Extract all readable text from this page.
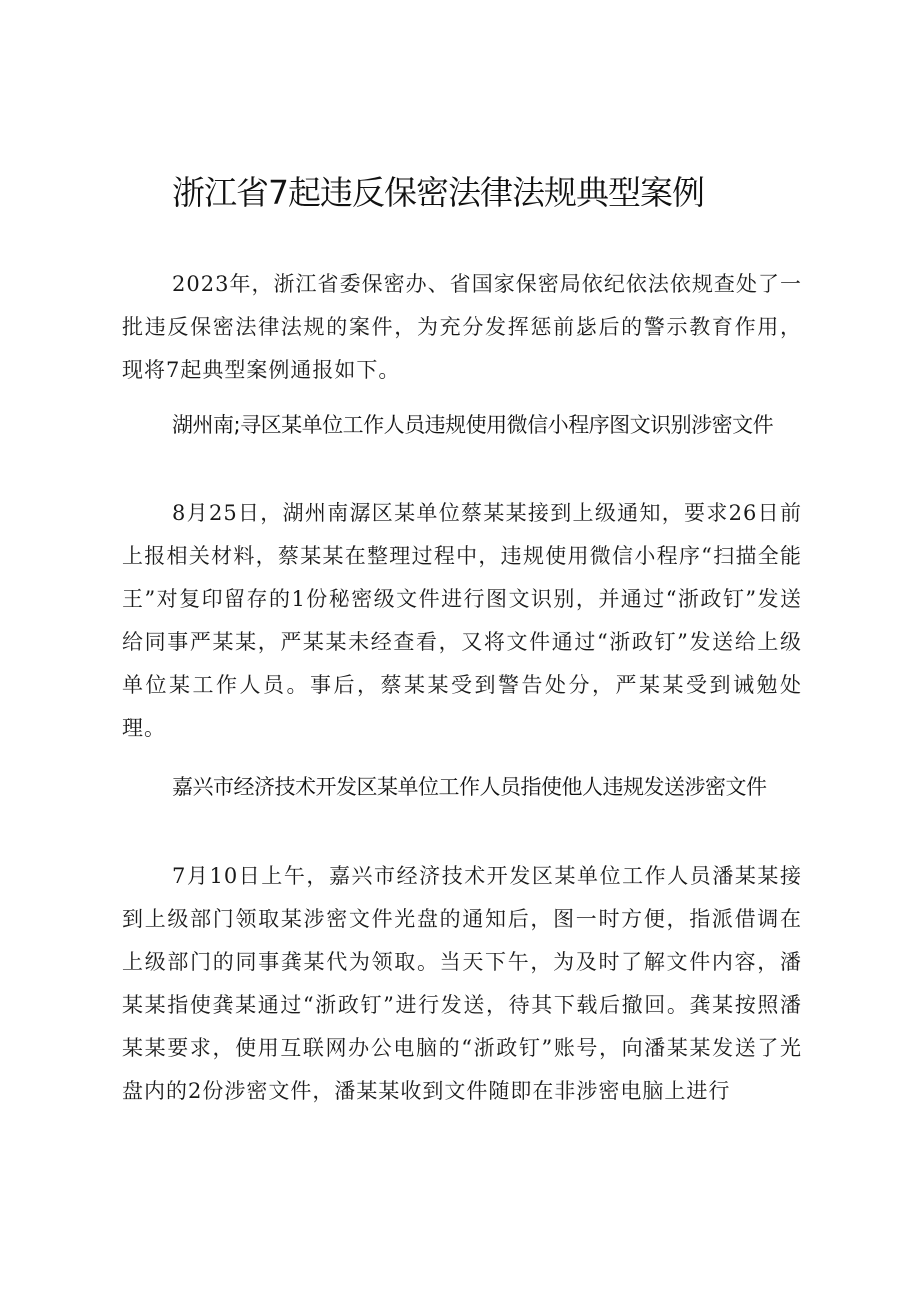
浙江省7起违反保密法律法规典型案例

2023年，浙江省委保密办、省国家保密局依纪依法依规查处了一批违反保密法律法规的案件，为充分发挥惩前毖后的警示教育作用，现将7起典型案例通报如下。

湖州南;寻区某单位工作人员违规使用微信小程序图文识别涉密文件

8月25日，湖州南潺区某单位蔡某某接到上级通知，要求26日前上报相关材料，蔡某某在整理过程中，违规使用微信小程序“扫描全能王”对复印留存的1份秘密级文件进行图文识别，并通过“浙政钉”发送给同事严某某，严某某未经查看，又将文件通过“浙政钉”发送给上级单位某工作人员。事后，蔡某某受到警告处分，严某某受到诫勉处理。

嘉兴市经济技术开发区某单位工作人员指使他人违规发送涉密文件

7月10日上午，嘉兴市经济技术开发区某单位工作人员潘某某接到上级部门领取某涉密文件光盘的通知后，图一时方便，指派借调在上级部门的同事龚某代为领取。当天下午，为及时了解文件内容，潘某某指使龚某通过“浙政钉”进行发送，待其下载后撤回。龚某按照潘某某要求，使用互联网办公电脑的“浙政钉”账号，向潘某某发送了光盘内的2份涉密文件，潘某某收到文件随即在非涉密电脑上进行
